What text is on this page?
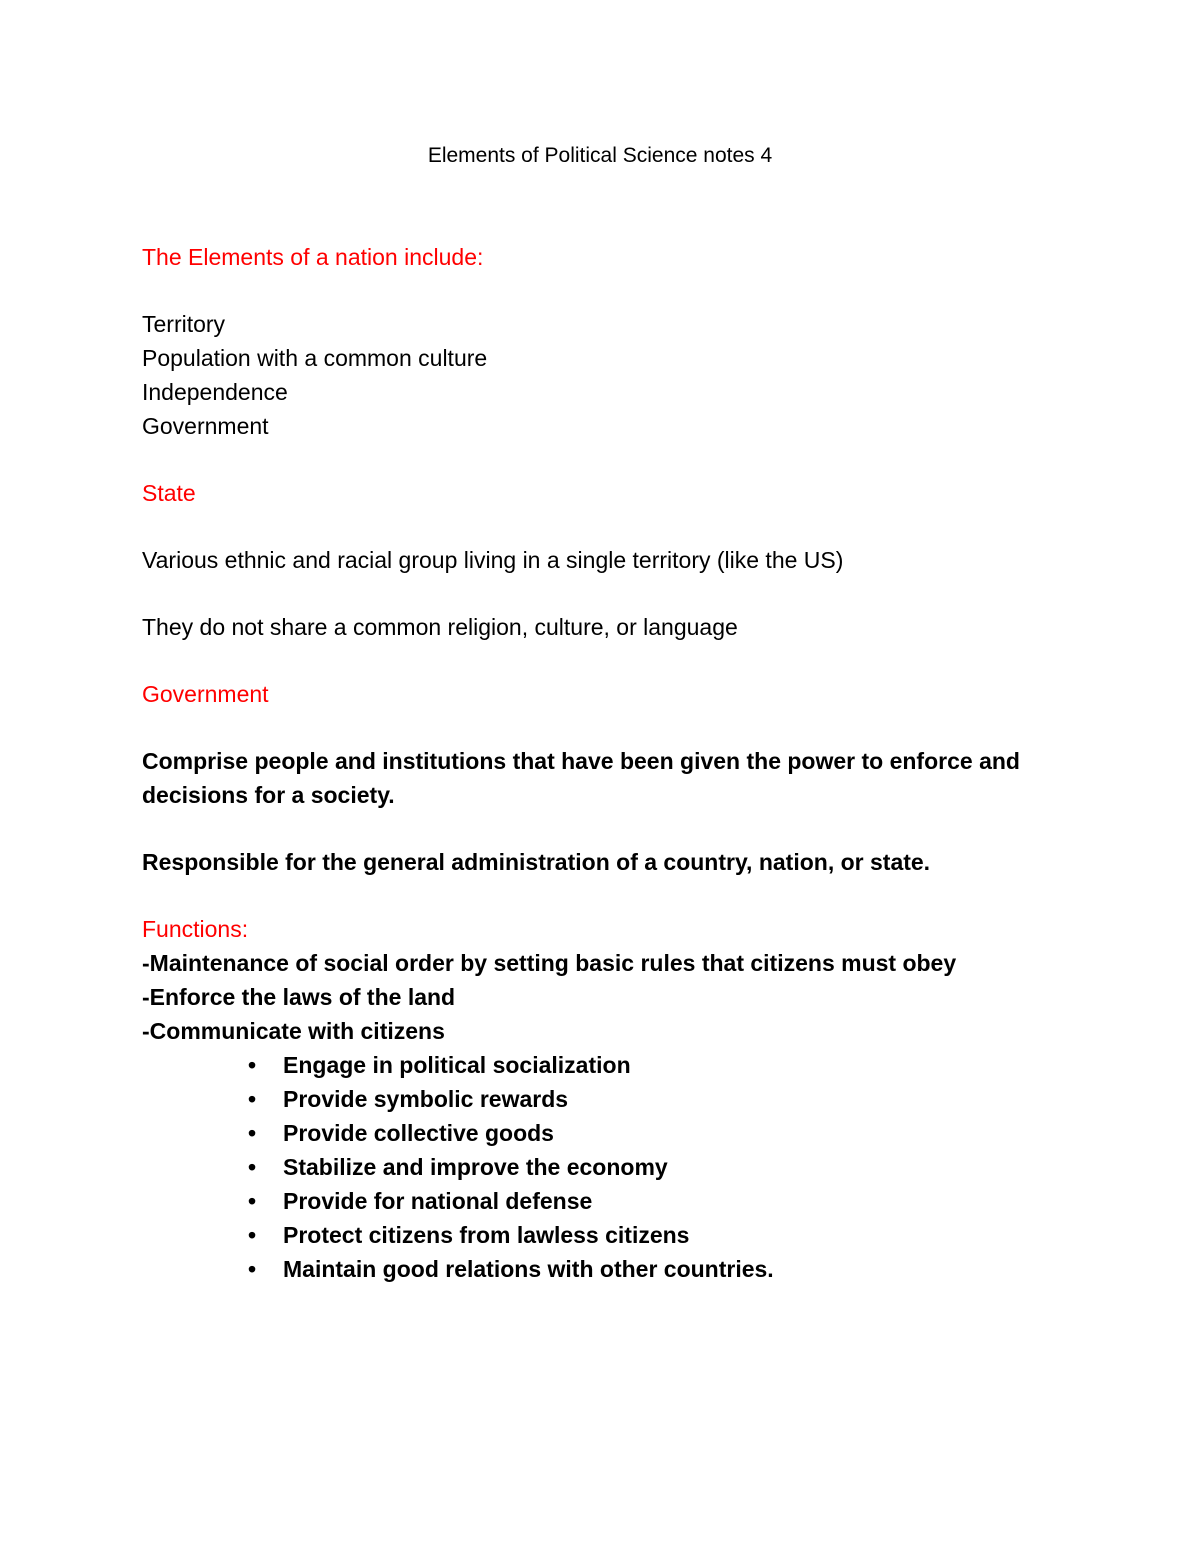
Elements of Political Science notes 4

The Elements of a nation include:

Territory

Population with a common culture

Independence

Government

State

Various ethnic and racial group living in a single territory (like the US)

They do not share a common religion, culture, or language

Government

Comprise people and institutions that have been given the power to enforce and decisions for a society.

Responsible for the general administration of a country, nation, or state.

Functions:

-Maintenance of social order by setting basic rules that citizens must obey

-Enforce the laws of the land

-Communicate with citizens

• Engage in political socialization
• Provide symbolic rewards
• Provide collective goods
• Stabilize and improve the economy
• Provide for national defense
• Protect citizens from lawless citizens
• Maintain good relations with other countries.
